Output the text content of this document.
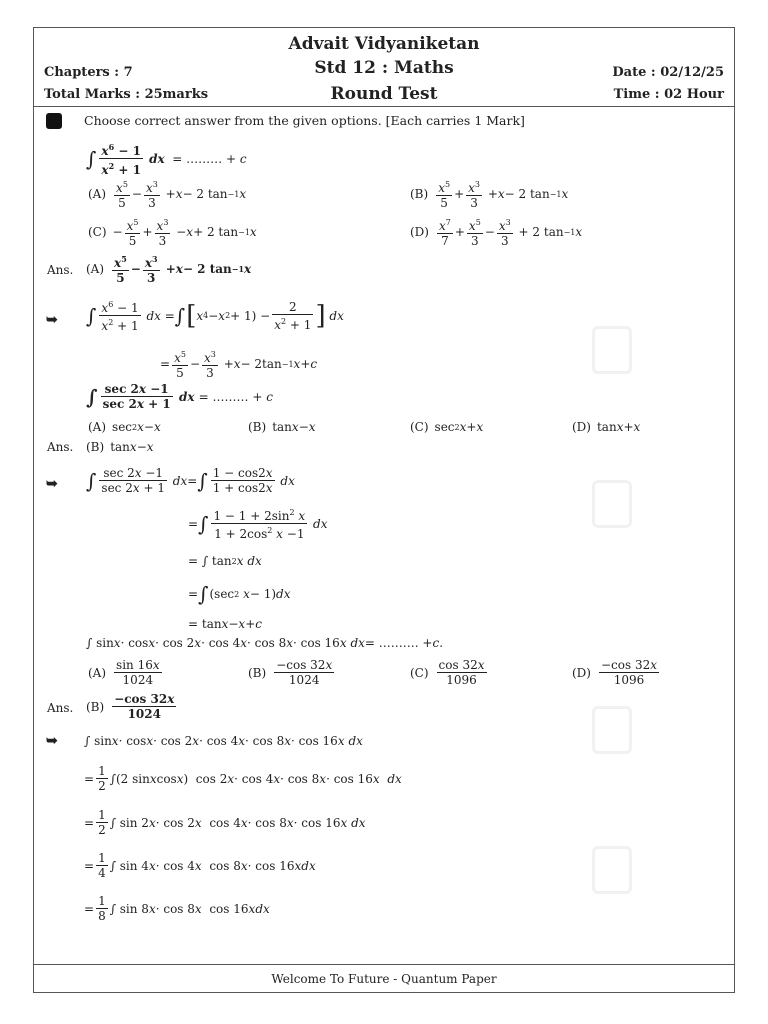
Advait Vidyaniketan
Std 12 : Maths
Round Test
Chapters : 7
Total Marks : 25marks
Date : 02/12/25
Time : 02 Hour
Choose correct answer from the given options. [Each carries 1 Mark]
∫ $\frac{x^6 - 1}{x^2 + 1}$ dx = ……… + c
$(A) \frac{x^5}{5} - \frac{x^3}{3} + x - 2$ tan −1 x	$(B) \frac{x^5}{5} + \frac{x^3}{3} + x - 2$ tan −1 x
$(C) - \frac{x^5}{5} + \frac{x^3}{3} - x + 2$ tan −1 x	$(D) \frac{x^7}{7} + \frac{x^5}{3} - \frac{x^3}{3} + 2$ tan −1 x
Ans. $(A) \frac{x^5}{5} - \frac{x^3}{3} + x - 2$ tan −1 x
➥ ∫ $\frac{x^6 - 1}{x^2 + 1}$
dx = ∫ [ x 4 − x $2 + 1) - \frac{2}{x^2 + 1}$ ]
dx
= $\frac{x^5}{5} - \frac{x^3}{3} + x - 2\tan -1$ x + c
∫ $\frac{\sec 2x -1}{\sec 2x + 1}$
dx
= ……… + c
(A) sec 2 x − x	(B) tan x − x	(C) sec 2 x + x	(D) tan x + x
Ans. (B) tan x − x
➥ ∫ $\frac{\sec 2x -1}{\sec 2x + 1}$
dx = ∫ $\frac{1 - \cos 2x}{1 + \cos 2x}$
dx
= ∫ $\frac{1 - 1 + 2\sin^2 x}{1 + 2\cos^2 x -1}$
dx
= ∫ tan 2 x
dx
= ∫ (sec 2
x − 1) dx
= tan x − x + c
∫ sin x · cos x · cos 2 x · cos 4 x · cos 8 x · cos 16 x
dx = ………. + c .
$(A) \frac{\sin 16x}{1024}$	$(B) \frac{-\cos 32x}{1024}$	$(C) \frac{\cos 32x}{1096}$	$(D) \frac{-\cos 32x}{1096}$
Ans. $(B) \frac{-\cos 32x}{1024}$
➥ ∫ sin x · cos x · cos 2 x · cos 4 x · cos 8 x · cos 16 x
dx
= $\frac{1}{2} \int(2$ sin x cos x )  cos 2 x · cos 4 x · cos 8 x · cos 16 x
dx
= $\frac{1}{2}$ ∫ sin 2 x · cos 2 x cos 4 x · cos 8 x · cos 16 x
dx
= $\frac{1}{4}$ ∫ sin 4 x · cos 4 x cos 8 x · cos 16 x dx
= $\frac{1}{8}$ ∫ sin 8 x · cos 8 x cos 16 x dx
Welcome To Future - Quantum Paper
